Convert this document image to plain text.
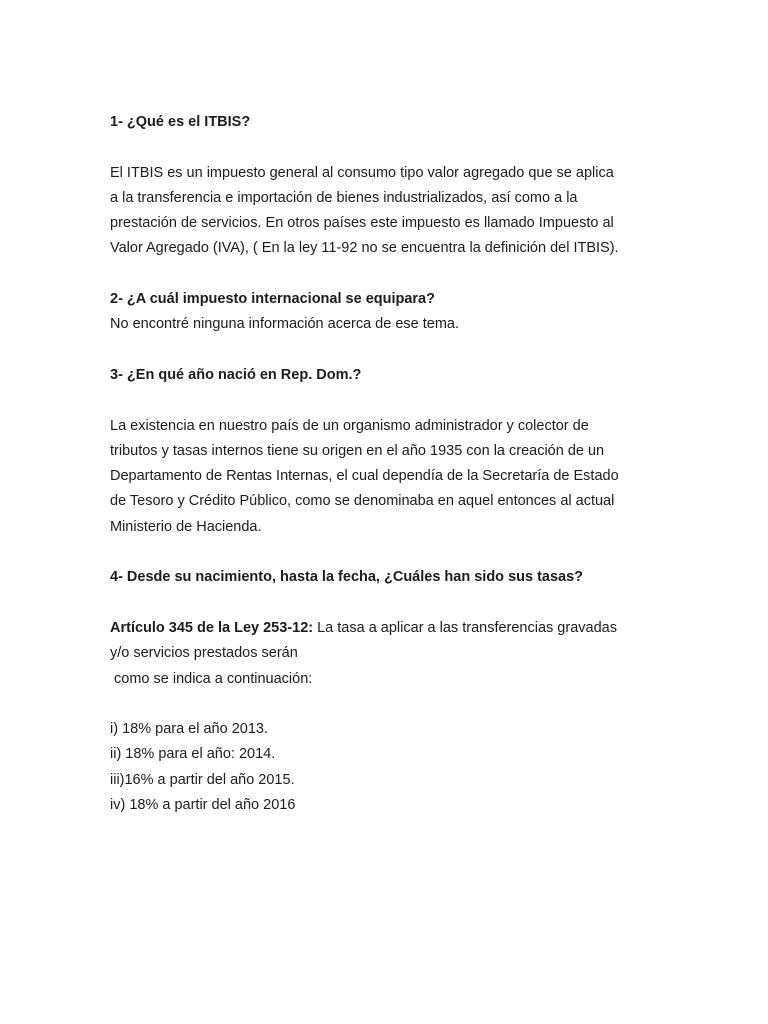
1- ¿Qué es el ITBIS?
El ITBIS es un impuesto general al consumo tipo valor agregado que se aplica
a la transferencia e importación de bienes industrializados, así como a la
prestación de servicios. En otros países este impuesto es llamado Impuesto al
Valor Agregado (IVA), ( En la ley 11-92 no se encuentra la definición del ITBIS).
2- ¿A cuál impuesto internacional se equipara?
No encontré ninguna información acerca de ese tema.
3- ¿En qué año nació en Rep. Dom.?
La existencia en nuestro país de un organismo administrador y colector de
tributos y tasas internos tiene su origen en el año 1935 con la creación de un
Departamento de Rentas Internas, el cual dependía de la Secretaría de Estado
de Tesoro y Crédito Público, como se denominaba en aquel entonces al actual
Ministerio de Hacienda.
4- Desde su nacimiento, hasta la fecha, ¿Cuáles han sido sus tasas?
Artículo 345 de la Ley 253-12: La tasa a aplicar a las transferencias gravadas
y/o servicios prestados serán
como se indica a continuación:
i) 18% para el año 2013.
ii) 18% para el año: 2014.
iii)16% a partir del año 2015.
iv) 18% a partir del año 2016
